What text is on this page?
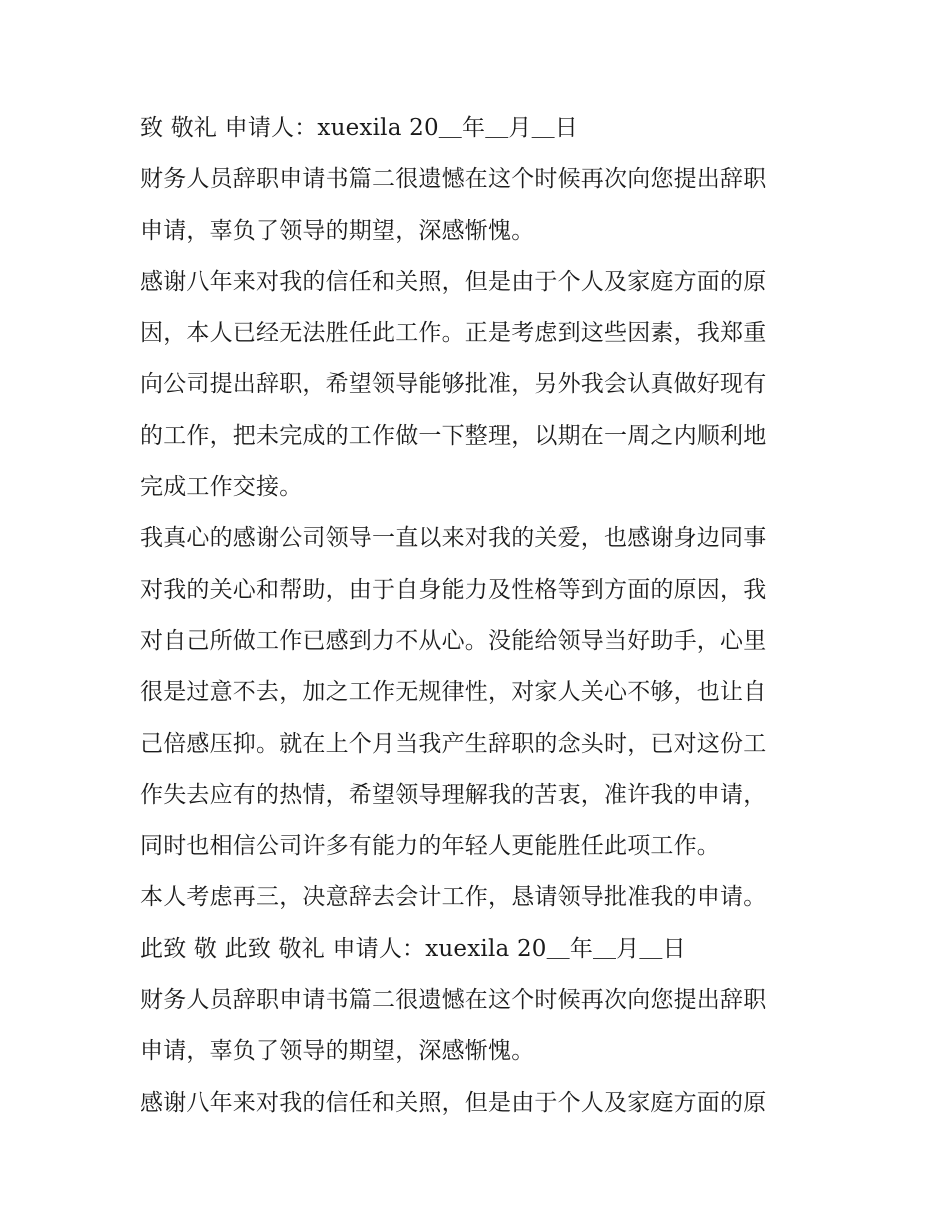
致 敬礼 申请人：xuexila 20＿年＿月＿日
财务人员辞职申请书篇二很遗憾在这个时候再次向您提出辞职
申请，辜负了领导的期望，深感惭愧。
感谢八年来对我的信任和关照，但是由于个人及家庭方面的原
因，本人已经无法胜任此工作。正是考虑到这些因素，我郑重
向公司提出辞职，希望领导能够批准，另外我会认真做好现有
的工作，把未完成的工作做一下整理，以期在一周之内顺利地
完成工作交接。
我真心的感谢公司领导一直以来对我的关爱，也感谢身边同事
对我的关心和帮助，由于自身能力及性格等到方面的原因，我
对自己所做工作已感到力不从心。没能给领导当好助手，心里
很是过意不去，加之工作无规律性，对家人关心不够，也让自
己倍感压抑。就在上个月当我产生辞职的念头时，已对这份工
作失去应有的热情，希望领导理解我的苦衷，准许我的申请，
同时也相信公司许多有能力的年轻人更能胜任此项工作。
本人考虑再三，决意辞去会计工作，恳请领导批准我的申请。
此致 敬 此致 敬礼 申请人：xuexila 20＿年＿月＿日
财务人员辞职申请书篇二很遗憾在这个时候再次向您提出辞职
申请，辜负了领导的期望，深感惭愧。
感谢八年来对我的信任和关照，但是由于个人及家庭方面的原
